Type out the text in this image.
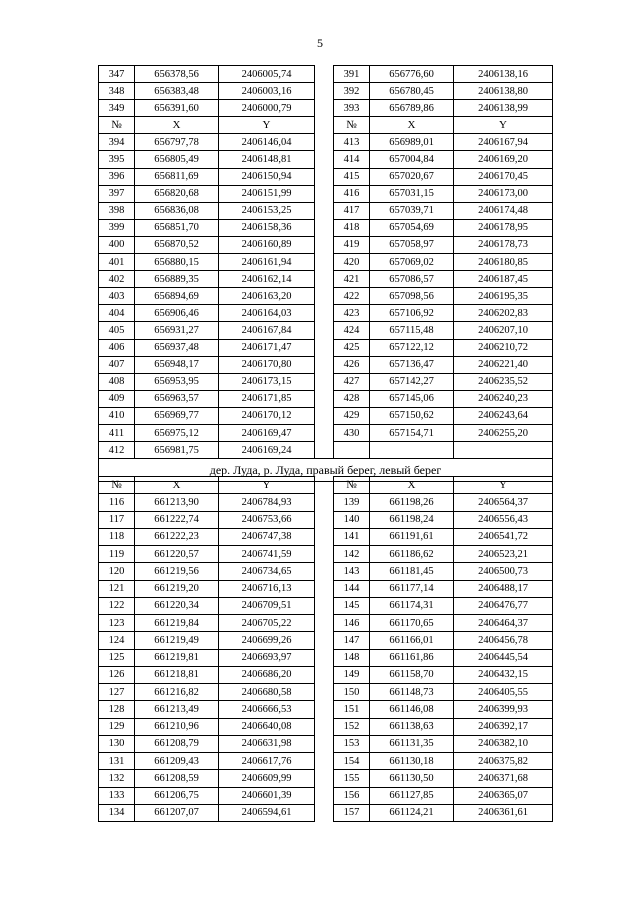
5
347	656378,56	2406005,74		391	656776,60	2406138,16
348	656383,48	2406003,16		392	656780,45	2406138,80
349	656391,60	2406000,79		393	656789,86	2406138,99
№	X	Y		№	X	Y
394	656797,78	2406146,04		413	656989,01	2406167,94
395	656805,49	2406148,81		414	657004,84	2406169,20
396	656811,69	2406150,94		415	657020,67	2406170,45
397	656820,68	2406151,99		416	657031,15	2406173,00
398	656836,08	2406153,25		417	657039,71	2406174,48
399	656851,70	2406158,36		418	657054,69	2406178,95
400	656870,52	2406160,89		419	657058,97	2406178,73
401	656880,15	2406161,94		420	657069,02	2406180,85
402	656889,35	2406162,14		421	657086,57	2406187,45
403	656894,69	2406163,20		422	657098,56	2406195,35
404	656906,46	2406164,03		423	657106,92	2406202,83
405	656931,27	2406167,84		424	657115,48	2406207,10
406	656937,48	2406171,47		425	657122,12	2406210,72
407	656948,17	2406170,80		426	657136,47	2406221,40
408	656953,95	2406173,15		427	657142,27	2406235,52
409	656963,57	2406171,85		428	657145,06	2406240,23
410	656969,77	2406170,12		429	657150,62	2406243,64
411	656975,12	2406169,47		430	657154,71	2406255,20
412	656981,75	2406169,24				
дер. Луда, р. Луда, правый берег, левый берег						
№	X	Y		№	X	Y
116	661213,90	2406784,93		139	661198,26	2406564,37
117	661222,74	2406753,66		140	661198,24	2406556,43
118	661222,23	2406747,38		141	661191,61	2406541,72
119	661220,57	2406741,59		142	661186,62	2406523,21
120	661219,56	2406734,65		143	661181,45	2406500,73
121	661219,20	2406716,13		144	661177,14	2406488,17
122	661220,34	2406709,51		145	661174,31	2406476,77
123	661219,84	2406705,22		146	661170,65	2406464,37
124	661219,49	2406699,26		147	661166,01	2406456,78
125	661219,81	2406693,97		148	661161,86	2406445,54
126	661218,81	2406686,20		149	661158,70	2406432,15
127	661216,82	2406680,58		150	661148,73	2406405,55
128	661213,49	2406666,53		151	661146,08	2406399,93
129	661210,96	2406640,08		152	661138,63	2406392,17
130	661208,79	2406631,98		153	661131,35	2406382,10
131	661209,43	2406617,76		154	661130,18	2406375,82
132	661208,59	2406609,99		155	661130,50	2406371,68
133	661206,75	2406601,39		156	661127,85	2406365,07
134	661207,07	2406594,61		157	661124,21	2406361,61
